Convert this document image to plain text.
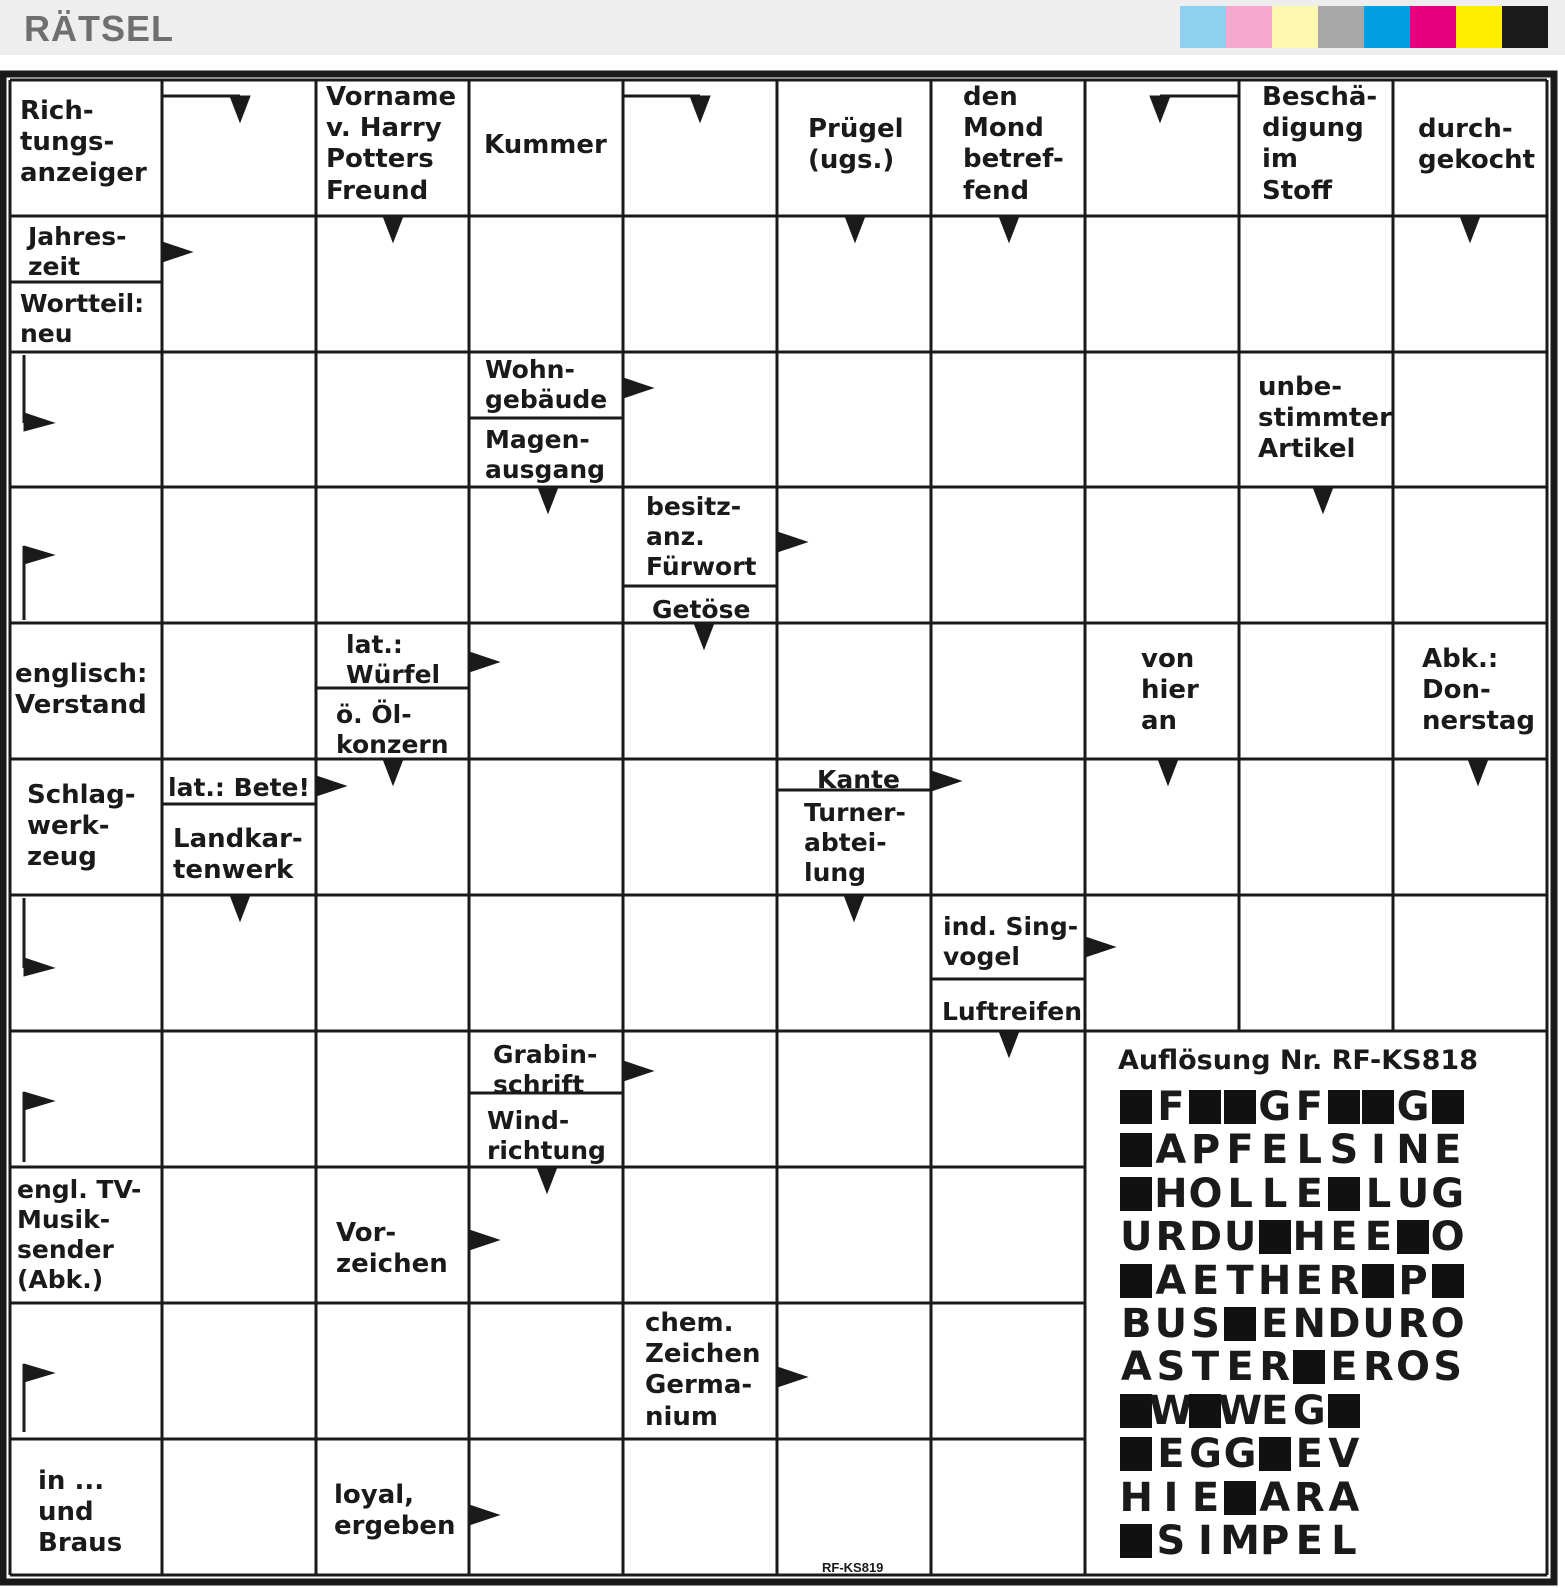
RÄTSEL
Rich-
tungs-
anzeiger
Vorname
v. Harry
Potters
Freund
Kummer
Prügel
(ugs.)
den
Mond
betref-
fend
Beschä-
digung
im
Stoff
durch-
gekocht
Jahres-
zeit
Wortteil:
neu
Wohn-
gebäude
Magen-
ausgang
unbe-
stimmter
Artikel
besitz-
anz.
Fürwort
Getöse
englisch:
Verstand
lat.:
Würfel
ö. Öl-
konzern
von
hier
an
Abk.:
Don-
nerstag
Schlag-
werk-
zeug
lat.: Bete!
Landkar-
tenwerk
Kante
Turner-
abtei-
lung
ind. Sing-
vogel
Luftreifen
Grabin-
schrift
Wind-
richtung
engl. TV-
Musik-
sender
(Abk.)
Vor-
zeichen
chem.
Zeichen
Germa-
nium
in ...
und
Braus
loyal,
ergeben
Auflösung Nr. RF-KS818
F G F G
A P F E L S I N E
H O L L E L U G
U R D U H E E O
A E T H E R P
B U S E N D U R O
A S T E R E R O S
W W
E G
E G G E V
H I E A R A
S I M P E L
RF-KS819
